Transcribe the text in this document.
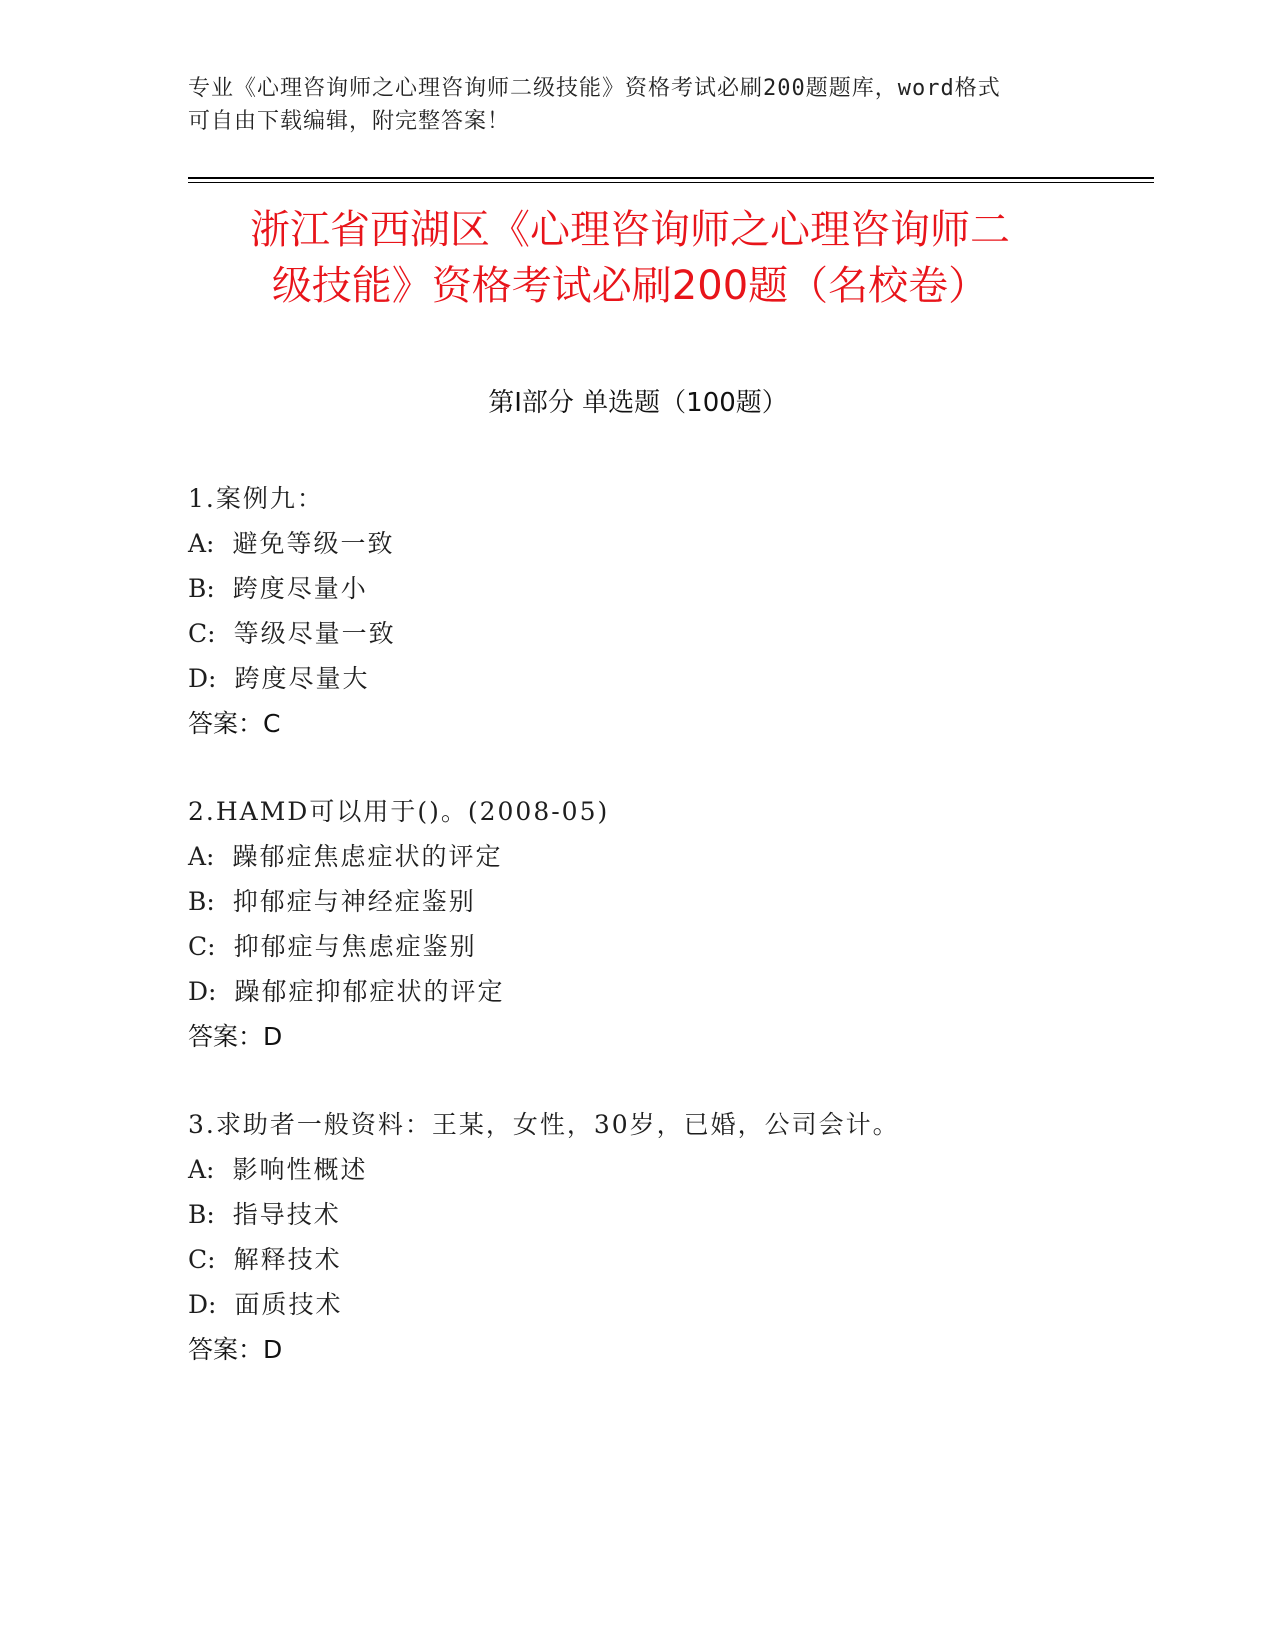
专业《心理咨询师之心理咨询师二级技能》资格考试必刷200题题库，word格式
可自由下载编辑，附完整答案！
浙江省西湖区《心理咨询师之心理咨询师二
级技能》资格考试必刷200题（名校卷）
第Ⅰ部分 单选题（100题）
1.案例九：
A: 避免等级一致
B: 跨度尽量小
C: 等级尽量一致
D: 跨度尽量大
答案：C
2.HAMD可以用于()。(2008-05)
A: 躁郁症焦虑症状的评定
B: 抑郁症与神经症鉴别
C: 抑郁症与焦虑症鉴别
D: 躁郁症抑郁症状的评定
答案：D
3.求助者一般资料：王某，女性，30岁，已婚，公司会计。
A: 影响性概述
B: 指导技术
C: 解释技术
D: 面质技术
答案：D
